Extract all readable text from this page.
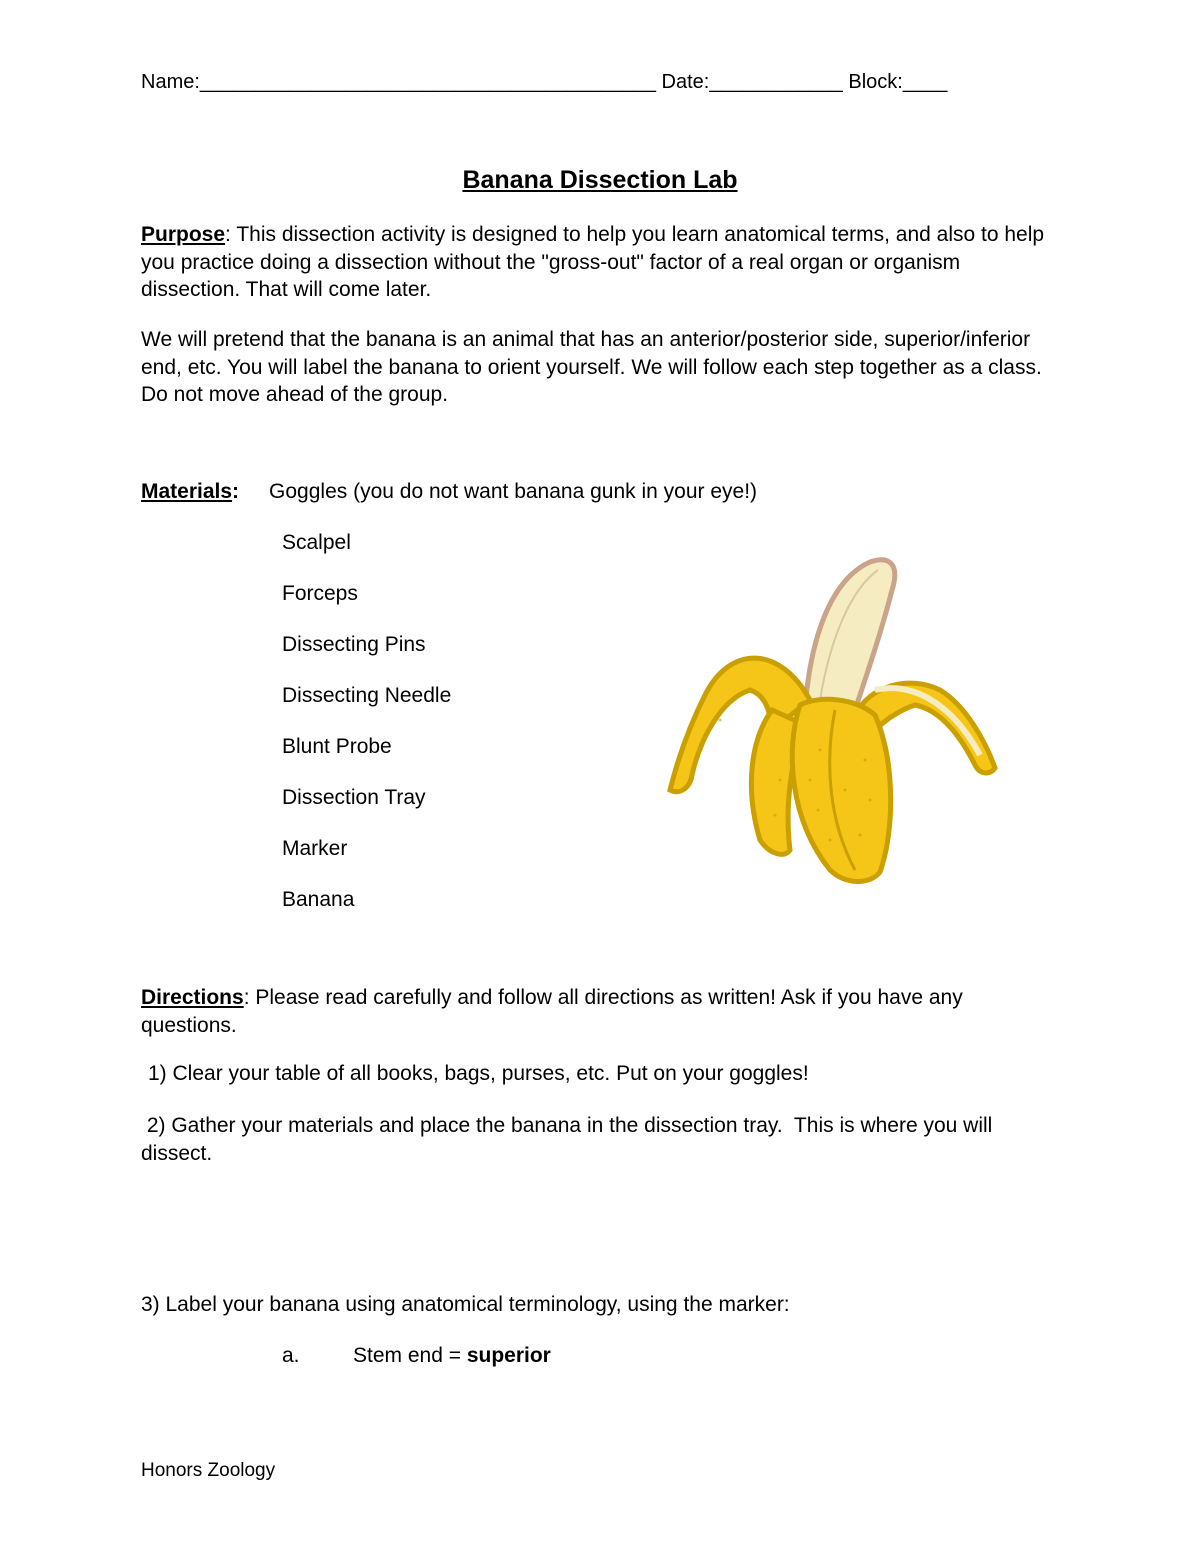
Name:_________________________________________ Date:____________ Block:____
Banana Dissection Lab
Purpose: This dissection activity is designed to help you learn anatomical terms, and also to help you practice doing a dissection without the "gross-out" factor of a real organ or organism dissection. That will come later.
We will pretend that the banana is an animal that has an anterior/posterior side, superior/inferior end, etc. You will label the banana to orient yourself. We will follow each step together as a class. Do not move ahead of the group.
Materials: Goggles (you do not want banana gunk in your eye!)
Scalpel
Forceps
Dissecting Pins
Dissecting Needle
Blunt Probe
Dissection Tray
Marker
Banana
Directions: Please read carefully and follow all directions as written! Ask if you have any questions.
1) Clear your table of all books, bags, purses, etc. Put on your goggles!
2) Gather your materials and place the banana in the dissection tray.  This is where you will dissect.
3) Label your banana using anatomical terminology, using the marker:
a.	Stem end = superior
Honors Zoology
